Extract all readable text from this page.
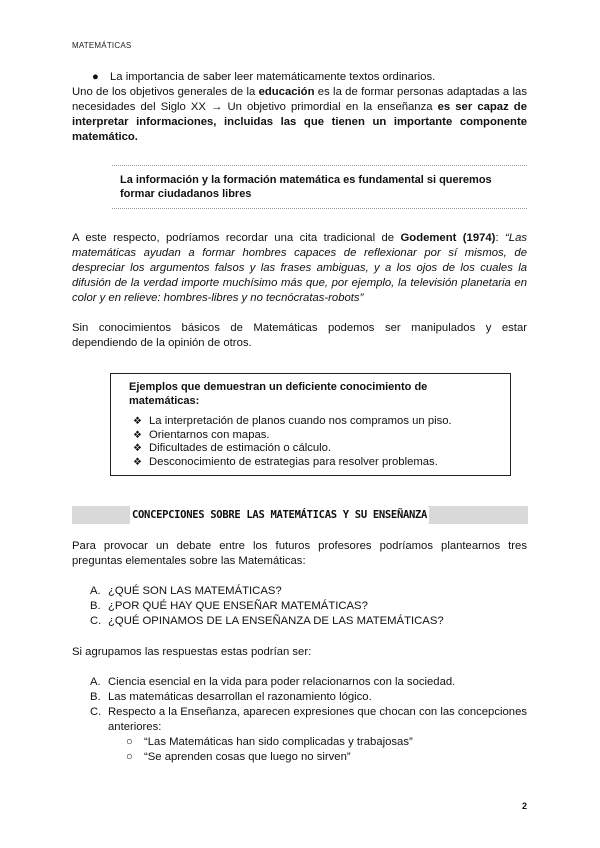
MATEMÁTICAS
● La importancia de saber leer matemáticamente textos ordinarios.

Uno de los objetivos generales de la educación es la de formar personas adaptadas a las necesidades del Siglo XX → Un objetivo primordial en la enseñanza es ser capaz de interpretar informaciones, incluidas las que tienen un importante componente matemático.

La información y la formación matemática es fundamental si queremos formar ciudadanos libres

A este respecto, podríamos recordar una cita tradicional de Godement (1974): “Las matemáticas ayudan a formar hombres capaces de reflexionar por sí mismos, de despreciar los argumentos falsos y las frases ambiguas, y a los ojos de los cuales la difusión de la verdad importe muchísimo más que, por ejemplo, la televisión planetaria en color y en relieve: hombres-libres y no tecnócratas-robots”

Sin conocimientos básicos de Matemáticas podemos ser manipulados y estar dependiendo de la opinión de otros.

Ejemplos que demuestran un deficiente conocimiento de matemáticas:
❖ La interpretación de planos cuando nos compramos un piso.
❖ Orientarnos con mapas.
❖ Dificultades de estimación o cálculo.
❖ Desconocimiento de estrategias para resolver problemas.
CONCEPCIONES SOBRE LAS MATEMÁTICAS Y SU ENSEÑANZA

Para provocar un debate entre los futuros profesores podríamos plantearnos tres preguntas elementales sobre las Matemáticas:

A. ¿QUÉ SON LAS MATEMÁTICAS?
B. ¿POR QUÉ HAY QUE ENSEÑAR MATEMÁTICAS?
C. ¿QUÉ OPINAMOS DE LA ENSEÑANZA DE LAS MATEMÁTICAS?

Si agrupamos las respuestas estas podrían ser:

A. Ciencia esencial en la vida para poder relacionarnos con la sociedad.
B. Las matemáticas desarrollan el razonamiento lógico.
C. Respecto a la Enseñanza, aparecen expresiones que chocan con las concepciones anteriores:
○ “Las Matemáticas han sido complicadas y trabajosas”
○ “Se aprenden cosas que luego no sirven”
2
